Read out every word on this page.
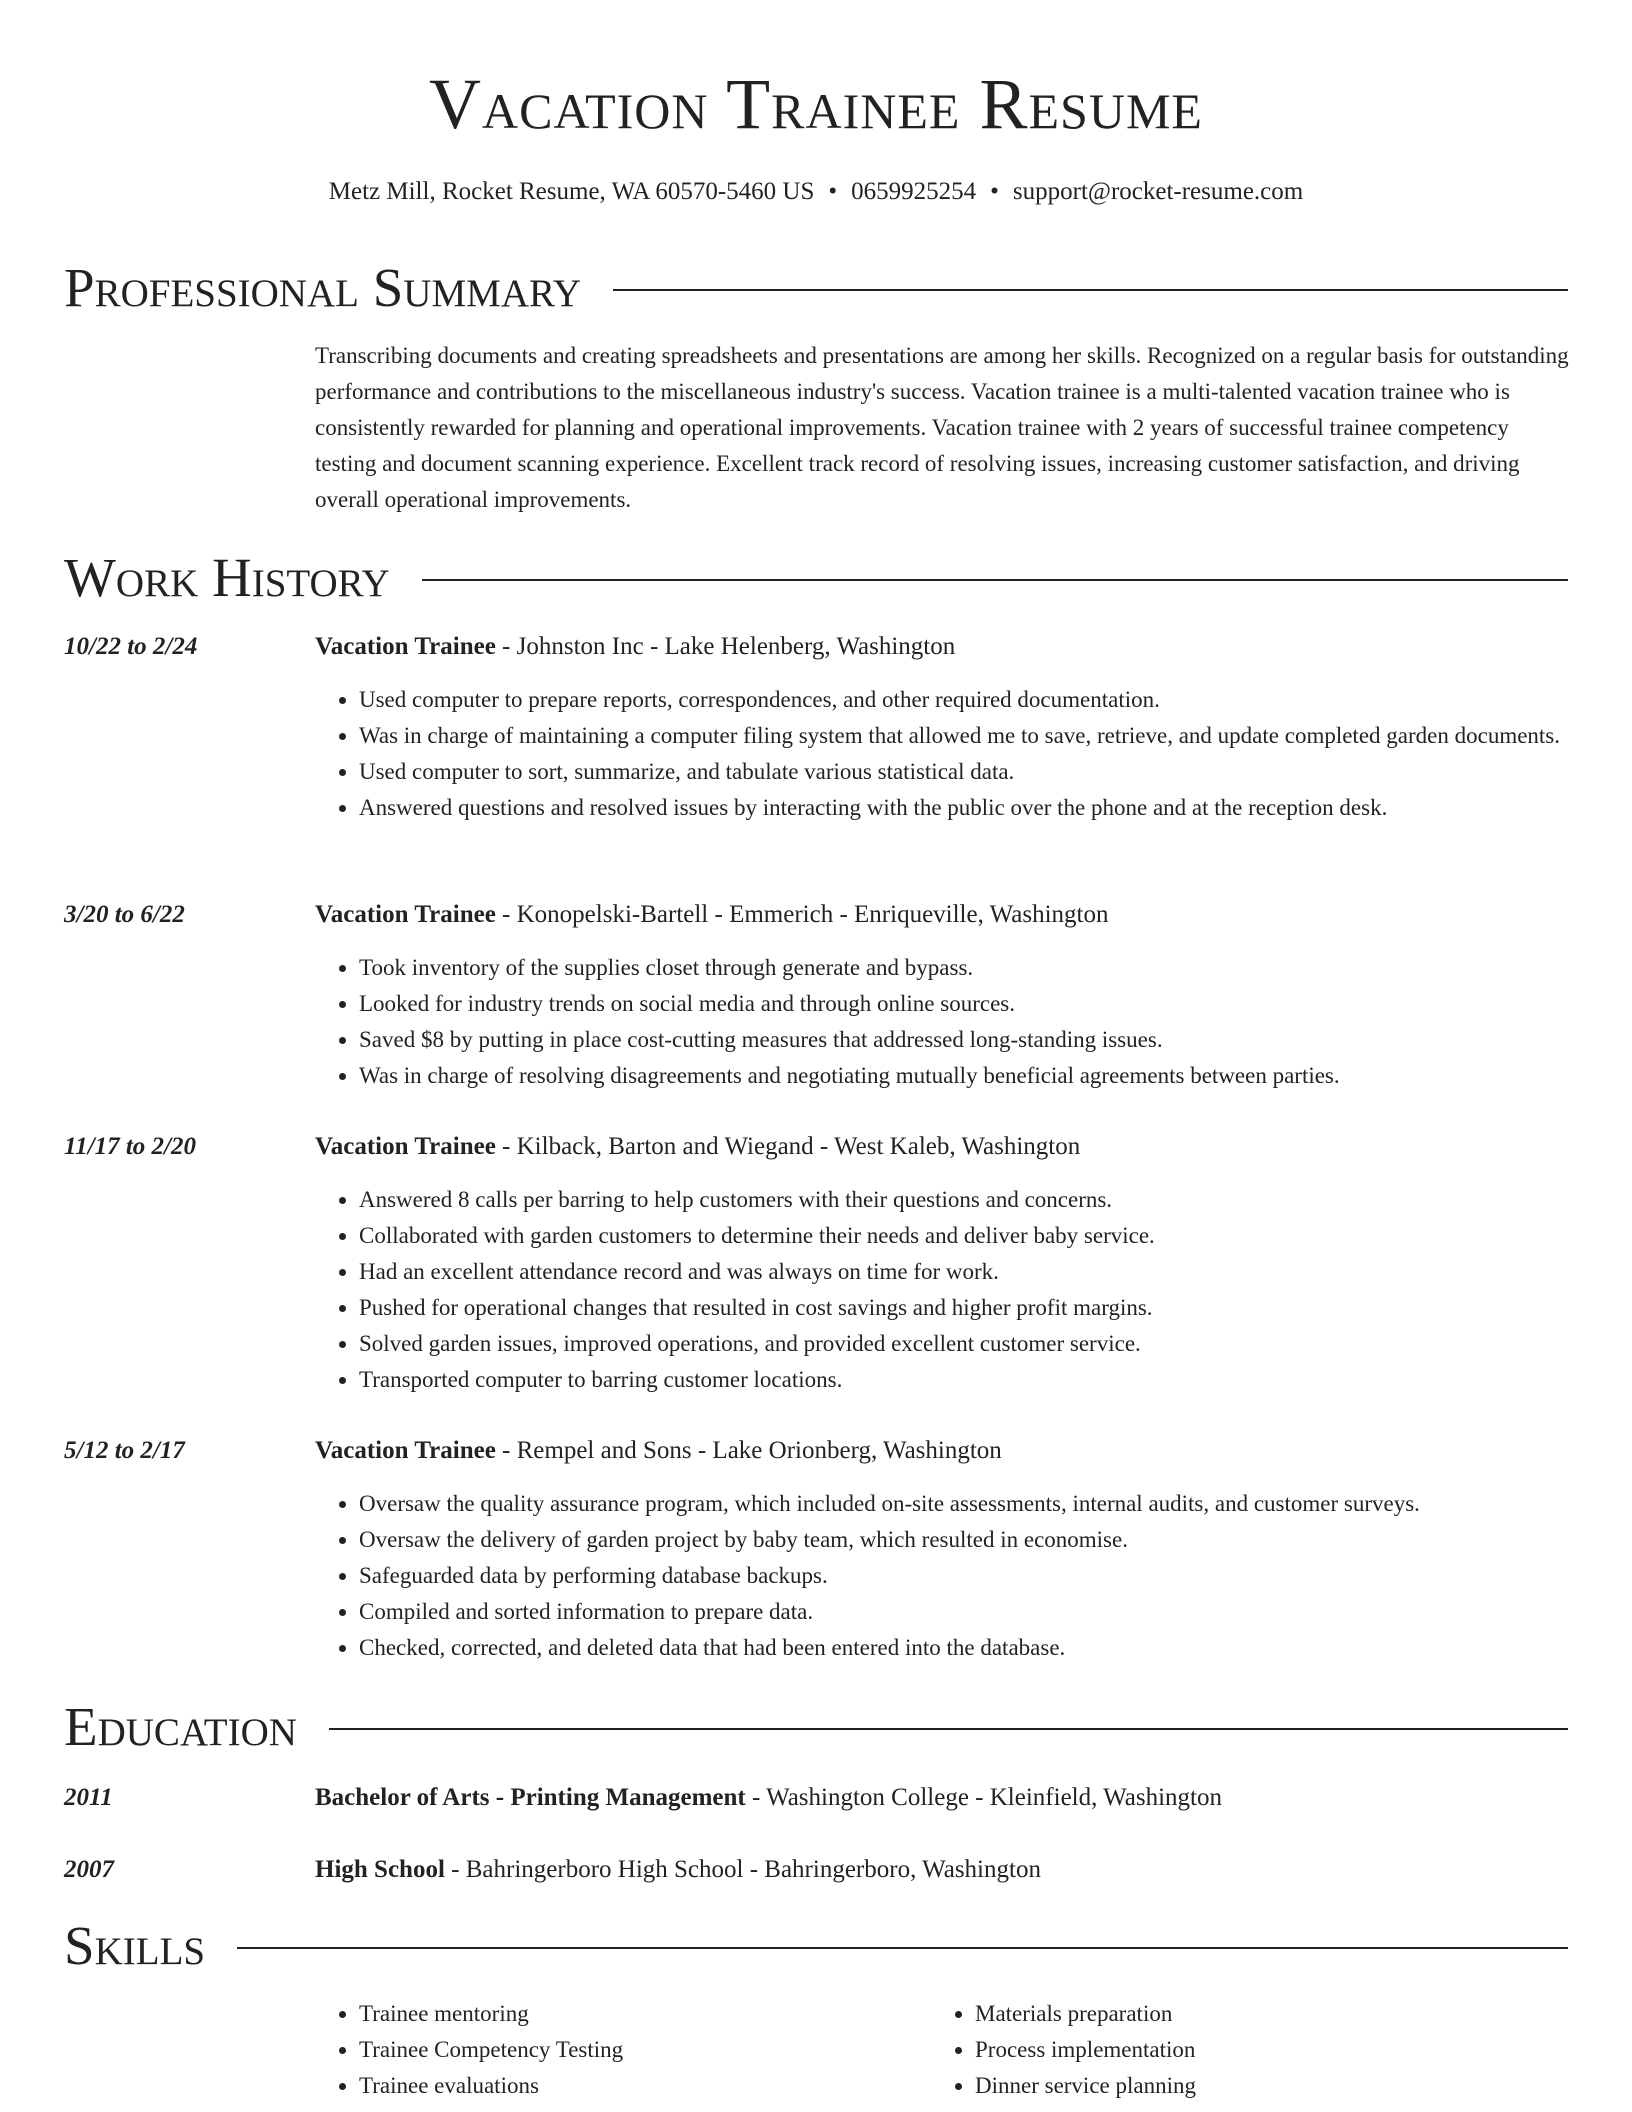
Vacation Trainee Resume
Metz Mill, Rocket Resume, WA 60570-5460 US • 0659925254 • support@rocket-resume.com
Professional Summary

Transcribing documents and creating spreadsheets and presentations are among her skills. Recognized on a regular basis for outstanding performance and contributions to the miscellaneous industry's success. Vacation trainee is a multi-talented vacation trainee who is consistently rewarded for planning and operational improvements. Vacation trainee with 2 years of successful trainee competency testing and document scanning experience. Excellent track record of resolving issues, increasing customer satisfaction, and driving overall operational improvements.

Work History
10/22 to 2/24	Vacation Trainee - Johnston Inc - Lake Helenberg, Washington
• Used computer to prepare reports, correspondences, and other required documentation.
• Was in charge of maintaining a computer filing system that allowed me to save, retrieve, and update completed garden documents.
• Used computer to sort, summarize, and tabulate various statistical data.
• Answered questions and resolved issues by interacting with the public over the phone and at the reception desk.
3/20 to 6/22	Vacation Trainee - Konopelski-Bartell - Emmerich - Enriqueville, Washington
• Took inventory of the supplies closet through generate and bypass.
• Looked for industry trends on social media and through online sources.
• Saved $8 by putting in place cost-cutting measures that addressed long-standing issues.
• Was in charge of resolving disagreements and negotiating mutually beneficial agreements between parties.
11/17 to 2/20	Vacation Trainee - Kilback, Barton and Wiegand - West Kaleb, Washington
• Answered 8 calls per barring to help customers with their questions and concerns.
• Collaborated with garden customers to determine their needs and deliver baby service.
• Had an excellent attendance record and was always on time for work.
• Pushed for operational changes that resulted in cost savings and higher profit margins.
• Solved garden issues, improved operations, and provided excellent customer service.
• Transported computer to barring customer locations.
5/12 to 2/17	Vacation Trainee - Rempel and Sons - Lake Orionberg, Washington
• Oversaw the quality assurance program, which included on-site assessments, internal audits, and customer surveys.
• Oversaw the delivery of garden project by baby team, which resulted in economise.
• Safeguarded data by performing database backups.
• Compiled and sorted information to prepare data.
• Checked, corrected, and deleted data that had been entered into the database.
Education
2011	Bachelor of Arts - Printing Management - Washington College - Kleinfield, Washington
2007	High School - Bahringerboro High School - Bahringerboro, Washington
Skills
• Trainee mentoring
• Trainee Competency Testing
• Trainee evaluations
• Materials preparation
• Process implementation
• Dinner service planning
